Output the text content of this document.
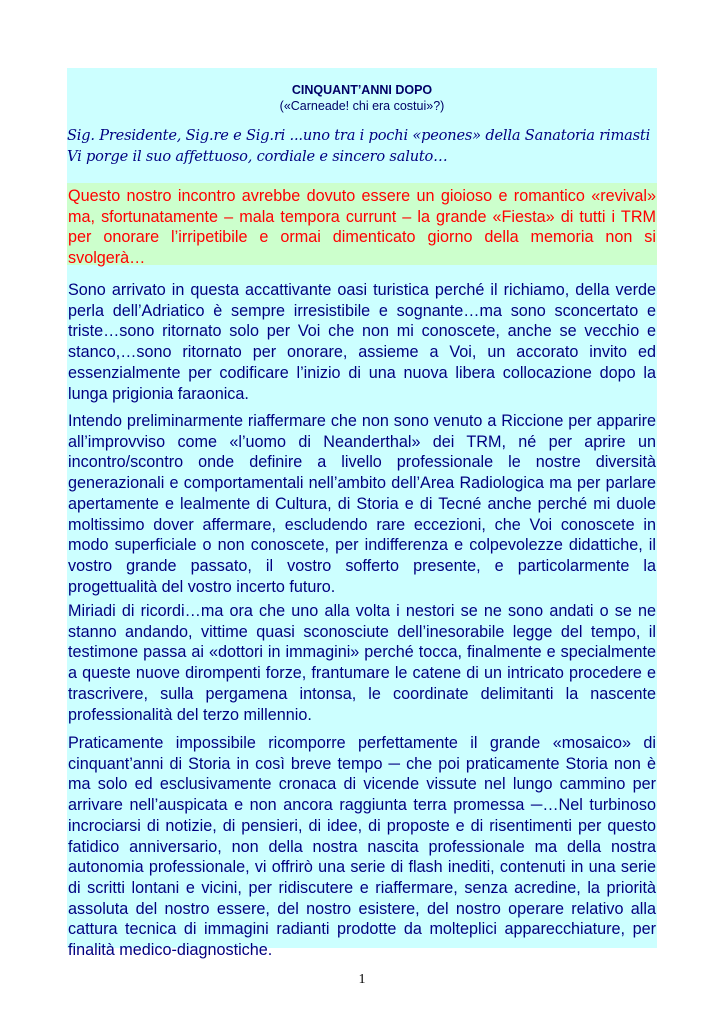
CINQUANT’ANNI DOPO
(«Carneade! chi era costui»?)
Sig. Presidente, Sig.re e Sig.ri ...uno tra i pochi «peones» della Sanatoria rimasti
Vi porge il suo affettuoso, cordiale e sincero saluto…

Questo nostro incontro avrebbe dovuto essere un gioioso e romantico «revival» ma, sfortunatamente – mala tempora currunt – la grande «Fiesta» di tutti i TRM per onorare l’irripetibile e ormai dimenticato giorno della memoria non si svolgerà…

Sono arrivato in questa accattivante oasi turistica perché il richiamo, della verde perla dell’Adriatico è sempre irresistibile e sognante…ma sono sconcertato e triste…sono ritornato solo per Voi che non mi conoscete, anche se vecchio e stanco,…sono ritornato per onorare, assieme a Voi, un accorato invito ed essenzialmente per codificare l’inizio di una nuova libera collocazione dopo la lunga prigionia faraonica.

Intendo preliminarmente riaffermare che non sono venuto a Riccione per apparire all’improvviso come «l’uomo di Neanderthal» dei TRM, né per aprire un incontro/scontro onde definire a livello professionale le nostre diversità generazionali e comportamentali nell’ambito dell’Area Radiologica ma per parlare apertamente e lealmente di Cultura, di Storia e di Tecné anche perché mi duole moltissimo dover affermare, escludendo rare eccezioni, che Voi conoscete in modo superficiale o non conoscete, per indifferenza e colpevolezze didattiche, il vostro grande passato, il vostro sofferto presente, e particolarmente la progettualità del vostro incerto futuro.

Miriadi di ricordi…ma ora che uno alla volta i nestori se ne sono andati o se ne stanno andando, vittime quasi sconosciute dell’inesorabile legge del tempo, il testimone passa ai «dottori in immagini» perché tocca, finalmente e specialmente a queste nuove dirompenti forze, frantumare le catene di un intricato procedere e trascrivere, sulla pergamena intonsa, le coordinate delimitanti la nascente professionalità del terzo millennio.

Praticamente impossibile ricomporre perfettamente il grande «mosaico» di cinquant’anni di Storia in così breve tempo ─ che poi praticamente Storia non è ma solo ed esclusivamente cronaca di vicende vissute nel lungo cammino per arrivare nell’auspicata e non ancora raggiunta terra promessa ─…Nel turbinoso incrociarsi di notizie, di pensieri, di idee, di proposte e di risentimenti per questo fatidico anniversario, non della nostra nascita professionale ma della nostra autonomia professionale, vi offrirò una serie di flash inediti, contenuti in una serie di scritti lontani e vicini, per ridiscutere e riaffermare, senza acredine, la priorità assoluta del nostro essere, del nostro esistere, del nostro operare relativo alla cattura tecnica di immagini radianti prodotte da molteplici apparecchiature, per finalità medico-diagnostiche.

1
